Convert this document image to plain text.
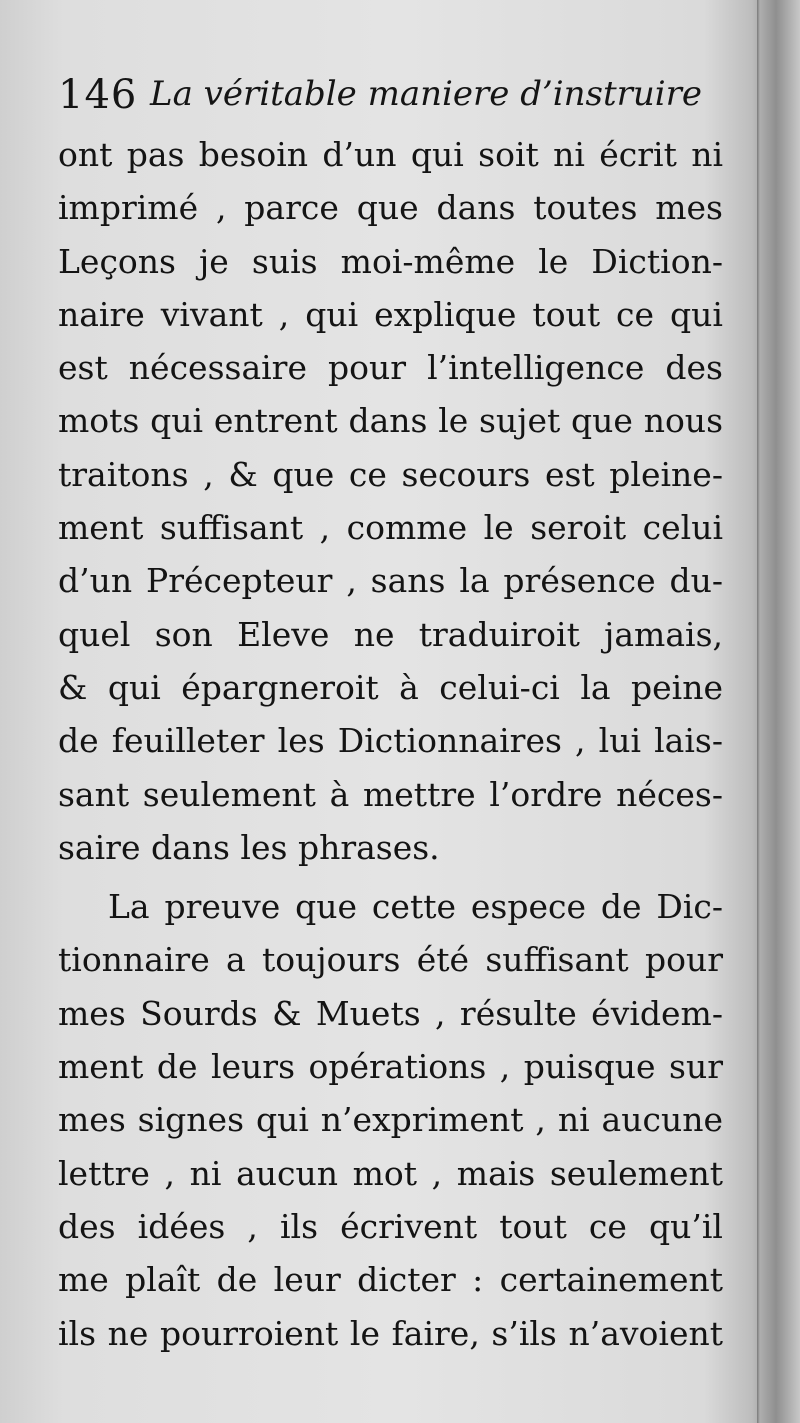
146 La véritable maniere d’instruire
ont pas besoin d’un qui soit ni écrit ni
imprimé , parce que dans toutes mes
Leçons je suis moi-même le Diction-
naire vivant , qui explique tout ce qui
est nécessaire pour l’intelligence des
mots qui entrent dans le sujet que nous
traitons , & que ce secours est pleine-
ment suffisant , comme le seroit celui
d’un Précepteur , sans la présence du-
quel son Eleve ne traduiroit jamais,
& qui épargneroit à celui-ci la peine
de feuilleter les Dictionnaires , lui lais-
sant seulement à mettre l’ordre néces-
saire dans les phrases.
La preuve que cette espece de Dic-
tionnaire a toujours été suffisant pour
mes Sourds & Muets , résulte évidem-
ment de leurs opérations , puisque sur
mes signes qui n’expriment , ni aucune
lettre , ni aucun mot , mais seulement
des idées , ils écrivent tout ce qu’il
me plaît de leur dicter : certainement
ils ne pourroient le faire, s’ils n’avoient
